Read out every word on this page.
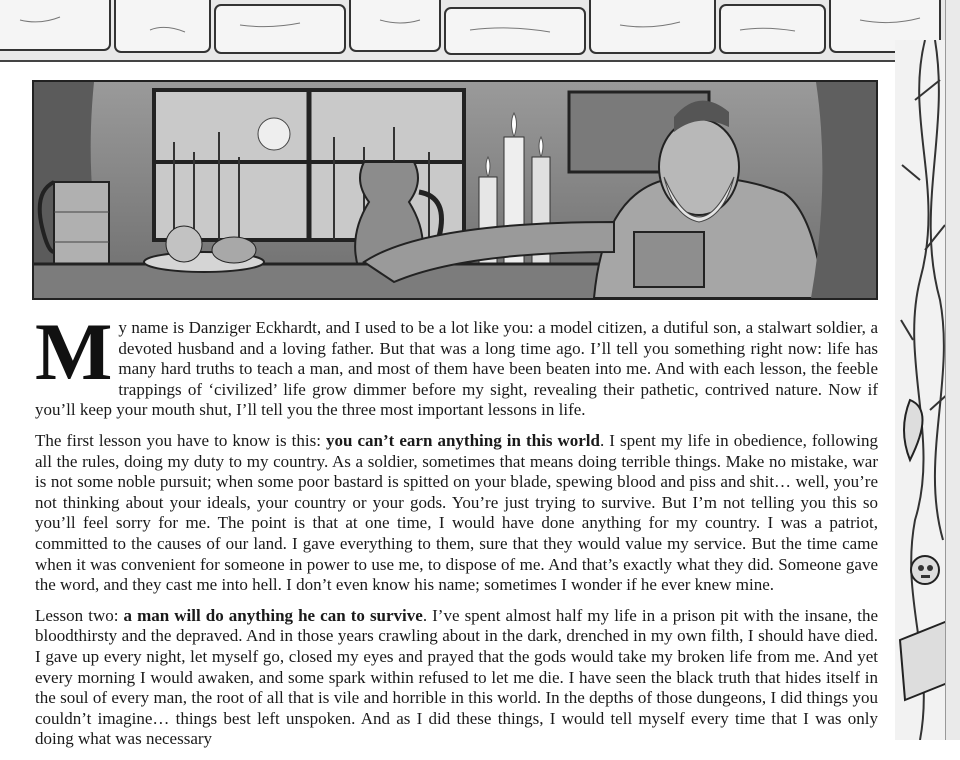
My name is Danziger Eckhardt, and I used to be a lot like you: a model citizen, a dutiful son, a stalwart soldier, a devoted husband and a loving father. But that was a long time ago. I’ll tell you something right now: life has many hard truths to teach a man, and most of them have been beaten into me. And with each lesson, the feeble trappings of ‘civilized’ life grow dimmer before my sight, revealing their pathetic, contrived nature. Now if you’ll keep your mouth shut, I’ll tell you the three most important lessons in life.

The first lesson you have to know is this: you can’t earn anything in this world. I spent my life in obedience, following all the rules, doing my duty to my country. As a soldier, sometimes that means doing terrible things. Make no mistake, war is not some noble pursuit; when some poor bastard is spitted on your blade, spewing blood and piss and shit… well, you’re not thinking about your ideals, your country or your gods. You’re just trying to survive. But I’m not telling you this so you’ll feel sorry for me. The point is that at one time, I would have done anything for my country. I was a patriot, committed to the causes of our land. I gave everything to them, sure that they would value my service. But the time came when it was convenient for someone in power to use me, to dispose of me. And that’s exactly what they did. Someone gave the word, and they cast me into hell. I don’t even know his name; sometimes I wonder if he ever knew mine.

Lesson two: a man will do anything he can to survive. I’ve spent almost half my life in a prison pit with the insane, the bloodthirsty and the depraved. And in those years crawling about in the dark, drenched in my own filth, I should have died. I gave up every night, let myself go, closed my eyes and prayed that the gods would take my broken life from me. And yet every morning I would awaken, and some spark within refused to let me die. I have seen the black truth that hides itself in the soul of every man, the root of all that is vile and horrible in this world. In the depths of those dungeons, I did things you couldn’t imagine… things best left unspoken. And as I did these things, I would tell myself every time that I was only doing what was necessary
